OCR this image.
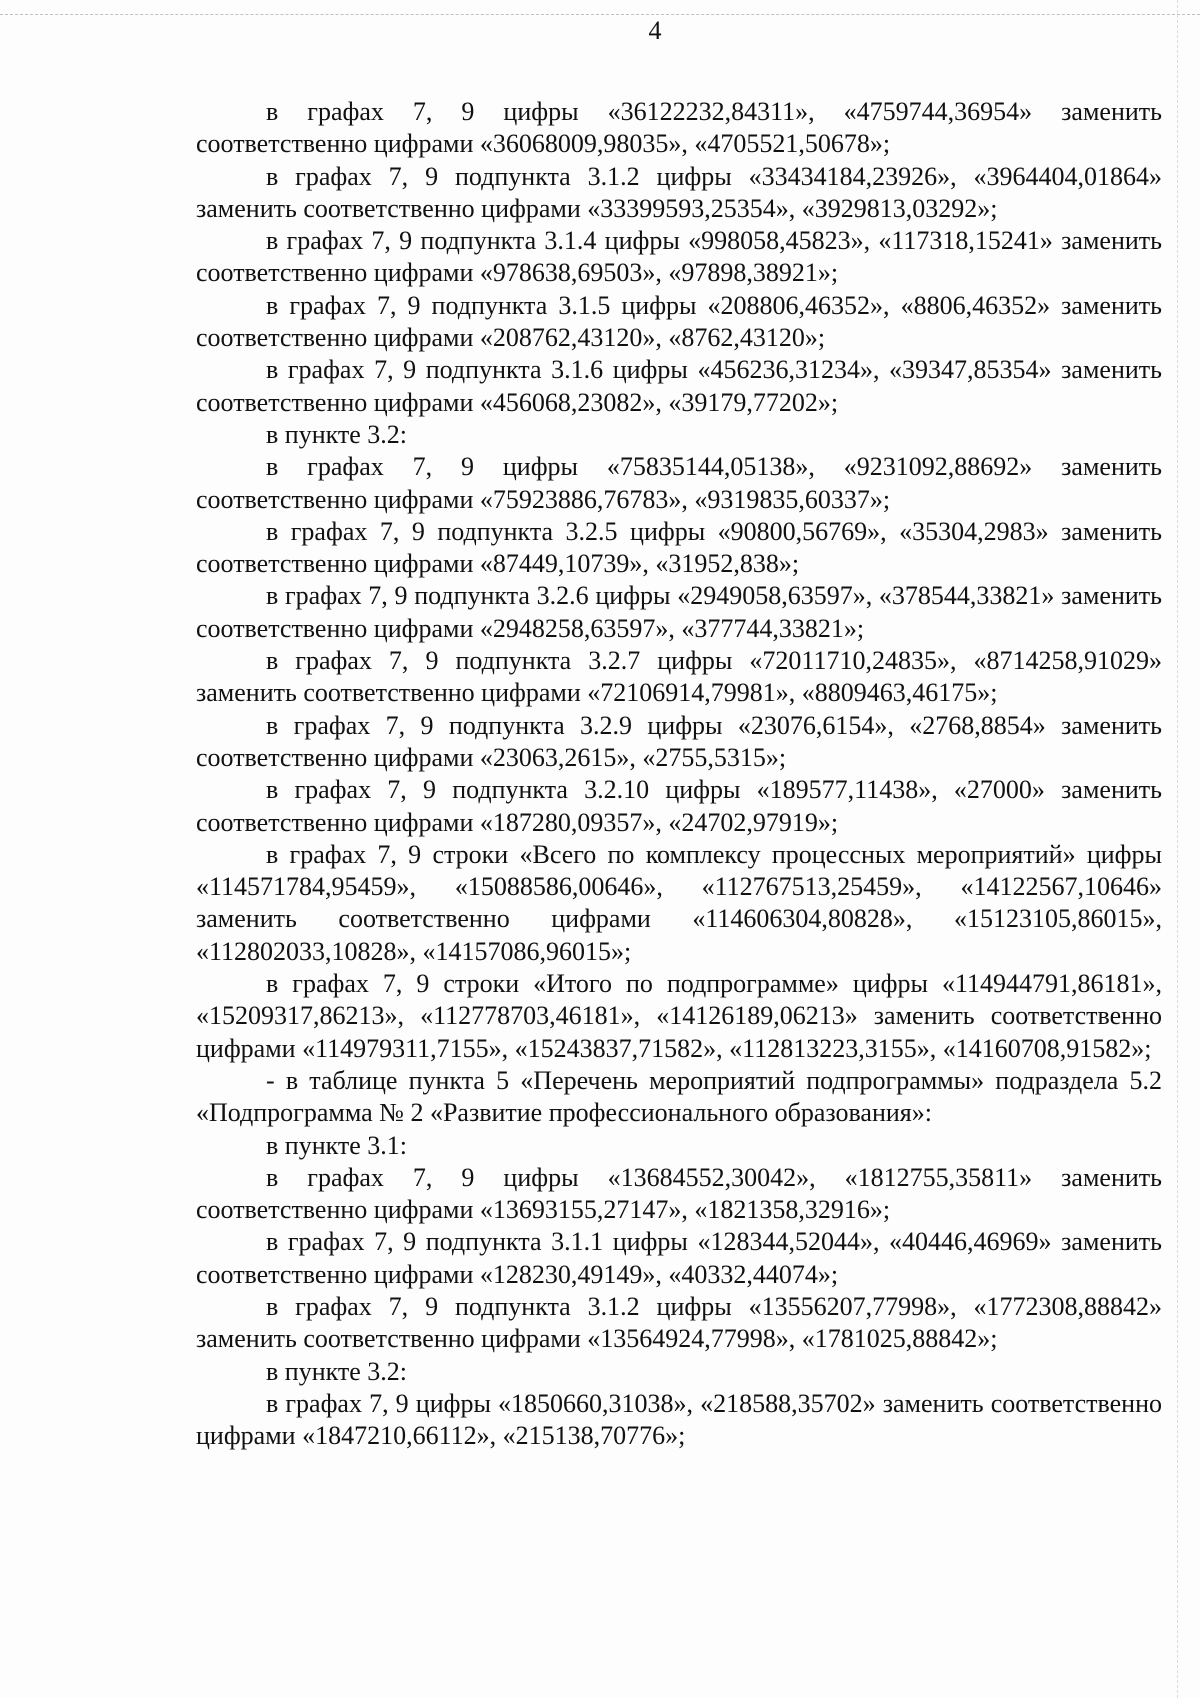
4

в графах 7, 9 цифры «36122232,84311», «4759744,36954» заменить соответственно цифрами «36068009,98035», «4705521,50678»;

в графах 7, 9 подпункта 3.1.2 цифры «33434184,23926», «3964404,01864» заменить соответственно цифрами «33399593,25354», «3929813,03292»;

в графах 7, 9 подпункта 3.1.4 цифры «998058,45823», «117318,15241» заменить соответственно цифрами «978638,69503», «97898,38921»;

в графах 7, 9 подпункта 3.1.5 цифры «208806,46352», «8806,46352» заменить соответственно цифрами «208762,43120», «8762,43120»;

в графах 7, 9 подпункта 3.1.6 цифры «456236,31234», «39347,85354» заменить соответственно цифрами «456068,23082», «39179,77202»;

в пункте 3.2:

в графах 7, 9 цифры «75835144,05138», «9231092,88692» заменить соответственно цифрами «75923886,76783», «9319835,60337»;

в графах 7, 9 подпункта 3.2.5 цифры «90800,56769», «35304,2983» заменить соответственно цифрами «87449,10739», «31952,838»;

в графах 7, 9 подпункта 3.2.6 цифры «2949058,63597», «378544,33821» заменить соответственно цифрами «2948258,63597», «377744,33821»;

в графах 7, 9 подпункта 3.2.7 цифры «72011710,24835», «8714258,91029» заменить соответственно цифрами «72106914,79981», «8809463,46175»;

в графах 7, 9 подпункта 3.2.9 цифры «23076,6154», «2768,8854» заменить соответственно цифрами «23063,2615», «2755,5315»;

в графах 7, 9 подпункта 3.2.10 цифры «189577,11438», «27000» заменить соответственно цифрами «187280,09357», «24702,97919»;

в графах 7, 9 строки «Всего по комплексу процессных мероприятий» цифры «114571784,95459», «15088586,00646», «112767513,25459», «14122567,10646» заменить соответственно цифрами «114606304,80828», «15123105,86015», «112802033,10828», «14157086,96015»;

в графах 7, 9 строки «Итого по подпрограмме» цифры «114944791,86181», «15209317,86213», «112778703,46181», «14126189,06213» заменить соответственно цифрами «114979311,7155», «15243837,71582», «112813223,3155», «14160708,91582»;

- в таблице пункта 5 «Перечень мероприятий подпрограммы» подраздела 5.2 «Подпрограмма № 2 «Развитие профессионального образования»:

в пункте 3.1:

в графах 7, 9 цифры «13684552,30042», «1812755,35811» заменить соответственно цифрами «13693155,27147», «1821358,32916»;

в графах 7, 9 подпункта 3.1.1 цифры «128344,52044», «40446,46969» заменить соответственно цифрами «128230,49149», «40332,44074»;

в графах 7, 9 подпункта 3.1.2 цифры «13556207,77998», «1772308,88842» заменить соответственно цифрами «13564924,77998», «1781025,88842»;

в пункте 3.2:

в графах 7, 9 цифры «1850660,31038», «218588,35702» заменить соответственно цифрами «1847210,66112», «215138,70776»;
